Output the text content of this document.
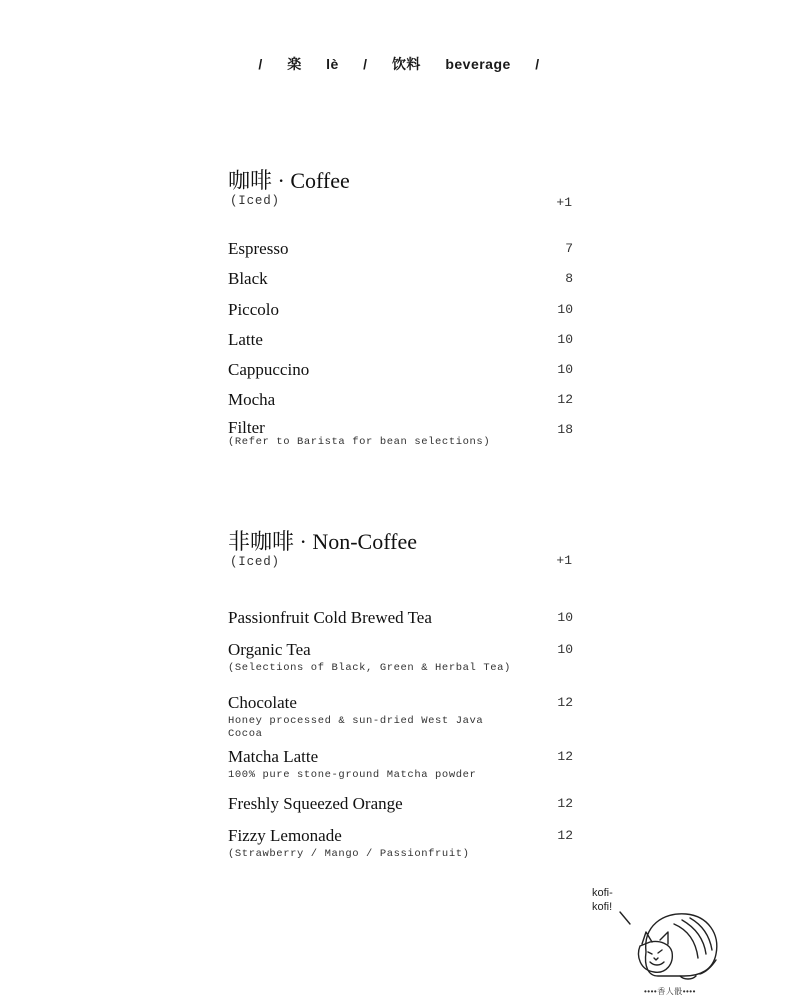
/ 楽 lè / 饮料 beverage /
咖啡 · Coffee
(Iced)	+1
Espresso	7
Black	8
Piccolo	10
Latte	10
Cappuccino	10
Mocha	12
Filter	18
(Refer to Barista for bean selections)
非咖啡 · Non-Coffee
(Iced)	+1
Passionfruit Cold Brewed Tea	10
Organic Tea	10
(Selections of Black, Green & Herbal Tea)
Chocolate	12
Honey processed & sun-dried West Java Cocoa
Matcha Latte	12
100% pure stone-ground Matcha powder
Freshly Squeezed Orange	12
Fizzy Lemonade	12
(Strawberry / Mango / Passionfruit)
kofi-
kofi!
••••香人骰••••
